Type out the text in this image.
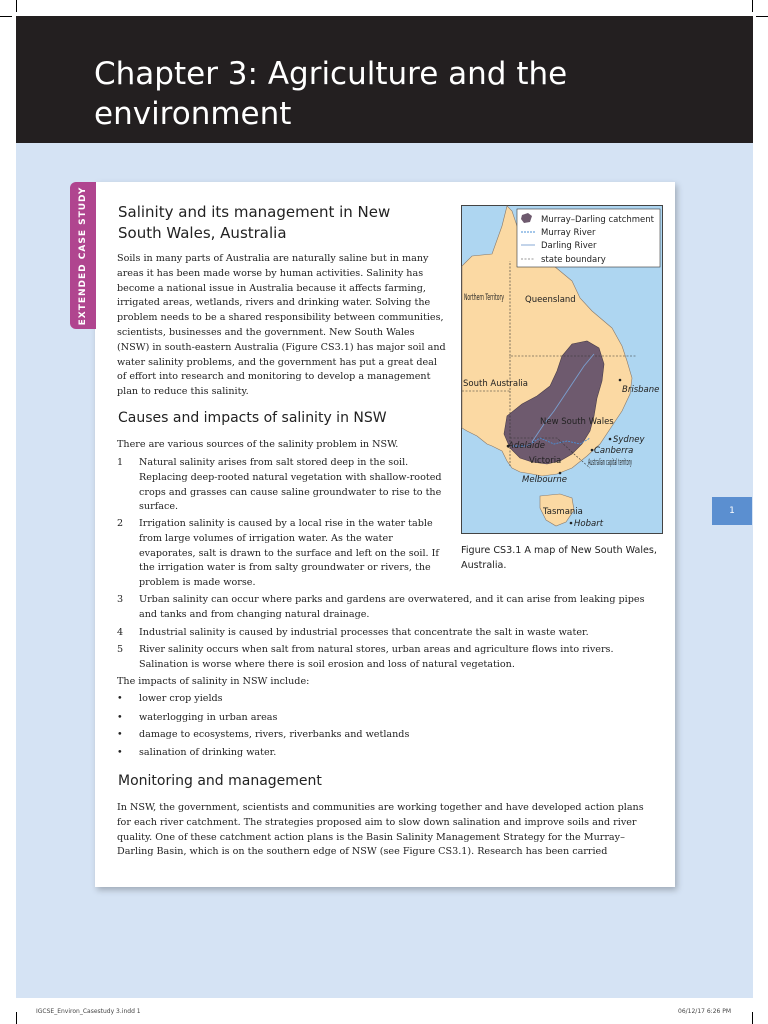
Chapter 3: Agriculture and the environment
EXTENDED CASE STUDY
1
Salinity and its management in New South Wales, Australia

Soils in many parts of Australia are naturally saline but in many areas it has been made worse by human activities. Salinity has become a national issue in Australia because it affects farming, irrigated areas, wetlands, rivers and drinking water. Solving the problem needs to be a shared responsibility between communities, scientists, businesses and the government. New South Wales (NSW) in south-eastern Australia (Figure CS3.1) has major soil and water salinity problems, and the government has put a great deal of effort into research and monitoring to develop a management plan to reduce this salinity.

Causes and impacts of salinity in NSW

There are various sources of the salinity problem in NSW.

1 Natural salinity arises from salt stored deep in the soil. Replacing deep-rooted natural vegetation with shallow-rooted crops and grasses can cause saline groundwater to rise to the surface.

2 Irrigation salinity is caused by a local rise in the water table from large volumes of irrigation water. As the water evaporates, salt is drawn to the surface and left on the soil. If the irrigation water is from salty groundwater or rivers, the problem is made worse.

3 Urban salinity can occur where parks and gardens are overwatered, and it can arise from leaking pipes and tanks and from changing natural drainage.

4 Industrial salinity is caused by industrial processes that concentrate the salt in waste water.

5 River salinity occurs when salt from natural stores, urban areas and agriculture flows into rivers. Salination is worse where there is soil erosion and loss of natural vegetation.

The impacts of salinity in NSW include:

• lower crop yields
• waterlogging in urban areas
• damage to ecosystems, rivers, riverbanks and wetlands
• salination of drinking water.
Monitoring and management

In NSW, the government, scientists and communities are working together and have developed action plans for each river catchment. The strategies proposed aim to slow down salination and improve soils and river quality. One of these catchment action plans is the Basin Salinity Management Strategy for the Murray–Darling Basin, which is on the southern edge of NSW (see Figure CS3.1). Research has been carried

Murray–Darling catchment
Murray River
Darling River
state boundary
Northern Territory Queensland
South Australia
New South Wales
Victoria	Australian capital territory
Tasmania
Brisbane
Sydney
Canberra
Adelaide
Melbourne
Hobart

Figure CS3.1 A map of New South Wales, Australia.

IGCSE_Environ_Casestudy 3.indd 1	06/12/17 6:26 PM
